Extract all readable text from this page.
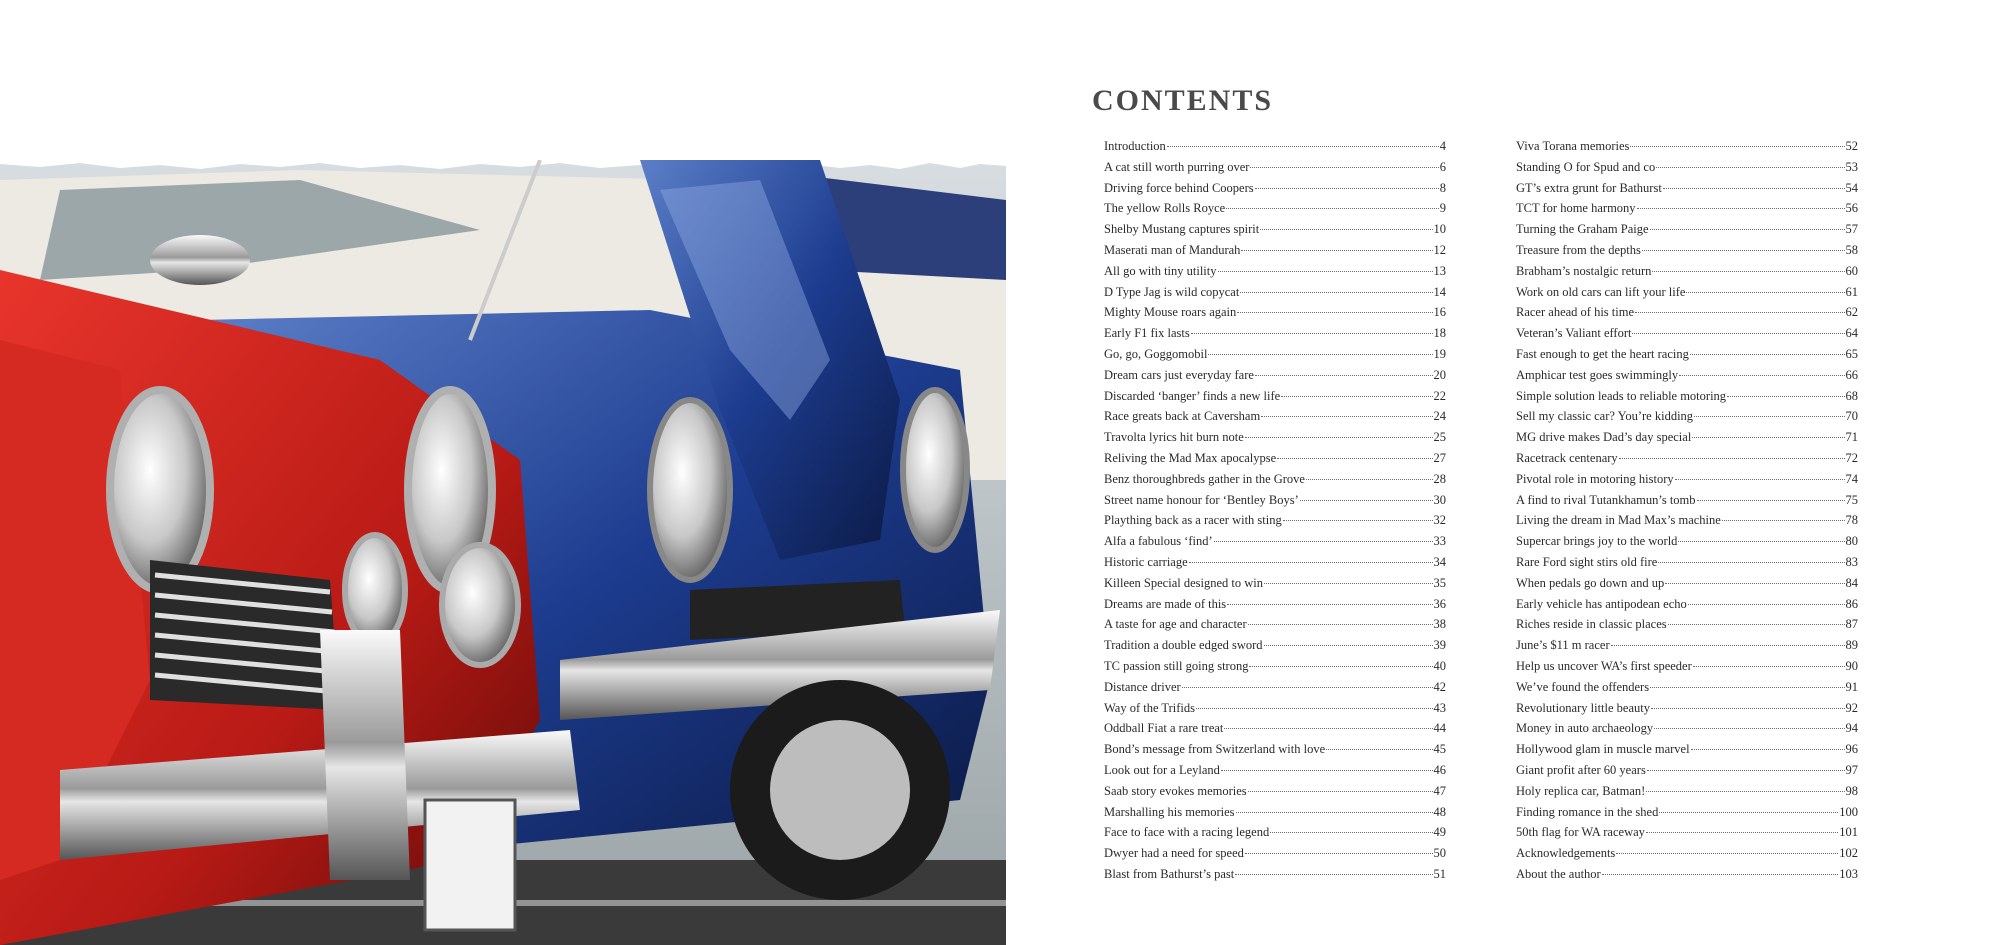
CONTENTS
Introduction	4
A cat still worth purring over	6
Driving force behind Coopers	8
The yellow Rolls Royce	9
Shelby Mustang captures spirit	10
Maserati man of Mandurah	12
All go with tiny utility	13
D Type Jag is wild copycat	14
Mighty Mouse roars again	16
Early F1 fix lasts	18
Go, go, Goggomobil	19
Dream cars just everyday fare	20
Discarded ‘banger’ finds a new life	22
Race greats back at Caversham	24
Travolta lyrics hit burn note	25
Reliving the Mad Max apocalypse	27
Benz thoroughbreds gather in the Grove	28
Street name honour for ‘Bentley Boys’	30
Plaything back as a racer with sting	32
Alfa a fabulous ‘find’	33
Historic carriage	34
Killeen Special designed to win	35
Dreams are made of this	36
A taste for age and character	38
Tradition a double edged sword	39
TC passion still going strong	40
Distance driver	42
Way of the Trifids	43
Oddball Fiat a rare treat	44
Bond’s message from Switzerland with love	45
Look out for a Leyland	46
Saab story evokes memories	47
Marshalling his memories	48
Face to face with a racing legend	49
Dwyer had a need for speed	50
Blast from Bathurst’s past	51
Viva Torana memories	52
Standing O for Spud and co	53
GT’s extra grunt for Bathurst	54
TCT for home harmony	56
Turning the Graham Paige	57
Treasure from the depths	58
Brabham’s nostalgic return	60
Work on old cars can lift your life	61
Racer ahead of his time	62
Veteran’s Valiant effort	64
Fast enough to get the heart racing	65
Amphicar test goes swimmingly	66
Simple solution leads to reliable motoring	68
Sell my classic car? You’re kidding	70
MG drive makes Dad’s day special	71
Racetrack centenary	72
Pivotal role in motoring history	74
A find to rival Tutankhamun’s tomb	75
Living the dream in Mad Max’s machine	78
Supercar brings joy to the world	80
Rare Ford sight stirs old fire	83
When pedals go down and up	84
Early vehicle has antipodean echo	86
Riches reside in classic places	87
June’s $11 m racer	89
Help us uncover WA’s first speeder	90
We’ve found the offenders	91
Revolutionary little beauty	92
Money in auto archaeology	94
Hollywood glam in muscle marvel	96
Giant profit after 60 years	97
Holy replica car, Batman!	98
Finding romance in the shed	100
50th flag for WA raceway	101
Acknowledgements	102
About the author	103
